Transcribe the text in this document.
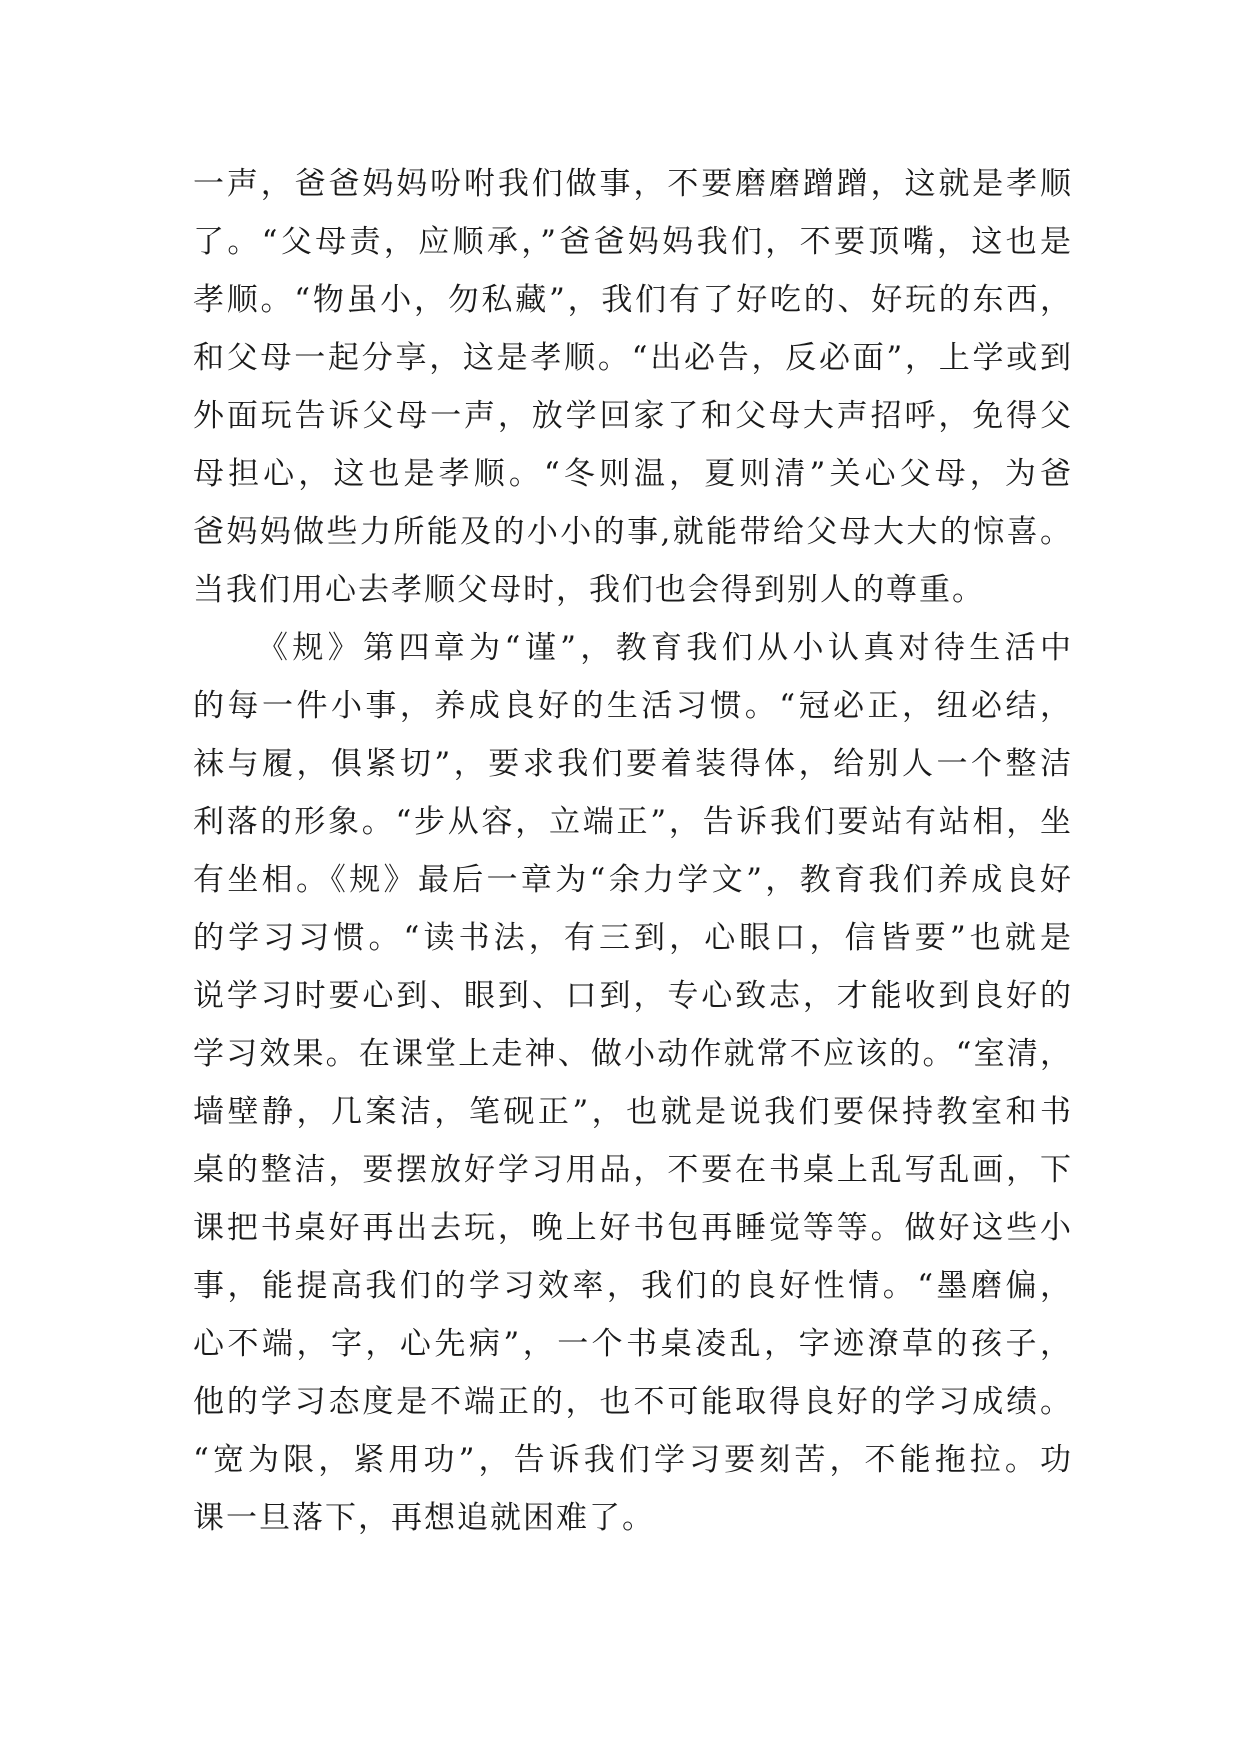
一声，爸爸妈妈吩咐我们做事，不要磨磨蹭蹭，这就是孝顺
了。“父母责，应顺承，”爸爸妈妈我们，不要顶嘴，这也是
孝顺。“物虽小，勿私藏”，我们有了好吃的、好玩的东西，
和父母一起分享，这是孝顺。“出必告，反必面”，上学或到
外面玩告诉父母一声，放学回家了和父母大声招呼，免得父
母担心，这也是孝顺。“冬则温，夏则清”关心父母，为爸
爸妈妈做些力所能及的小小的事,就能带给父母大大的惊喜。
当我们用心去孝顺父母时，我们也会得到别人的尊重。
《规》第四章为“谨”，教育我们从小认真对待生活中
的每一件小事，养成良好的生活习惯。“冠必正，纽必结，
袜与履，俱紧切”，要求我们要着装得体，给别人一个整洁
利落的形象。“步从容，立端正”，告诉我们要站有站相，坐
有坐相。《规》最后一章为“余力学文”，教育我们养成良好
的学习习惯。“读书法，有三到，心眼口，信皆要”也就是
说学习时要心到、眼到、口到，专心致志，才能收到良好的
学习效果。在课堂上走神、做小动作就常不应该的。“室清，
墙壁静，几案洁，笔砚正”，也就是说我们要保持教室和书
桌的整洁，要摆放好学习用品，不要在书桌上乱写乱画，下
课把书桌好再出去玩，晚上好书包再睡觉等等。做好这些小
事，能提高我们的学习效率，我们的良好性情。“墨磨偏，
心不端，字，心先病”，一个书桌凌乱，字迹潦草的孩子，
他的学习态度是不端正的，也不可能取得良好的学习成绩。
“宽为限，紧用功”，告诉我们学习要刻苦，不能拖拉。功
课一旦落下，再想追就困难了。
